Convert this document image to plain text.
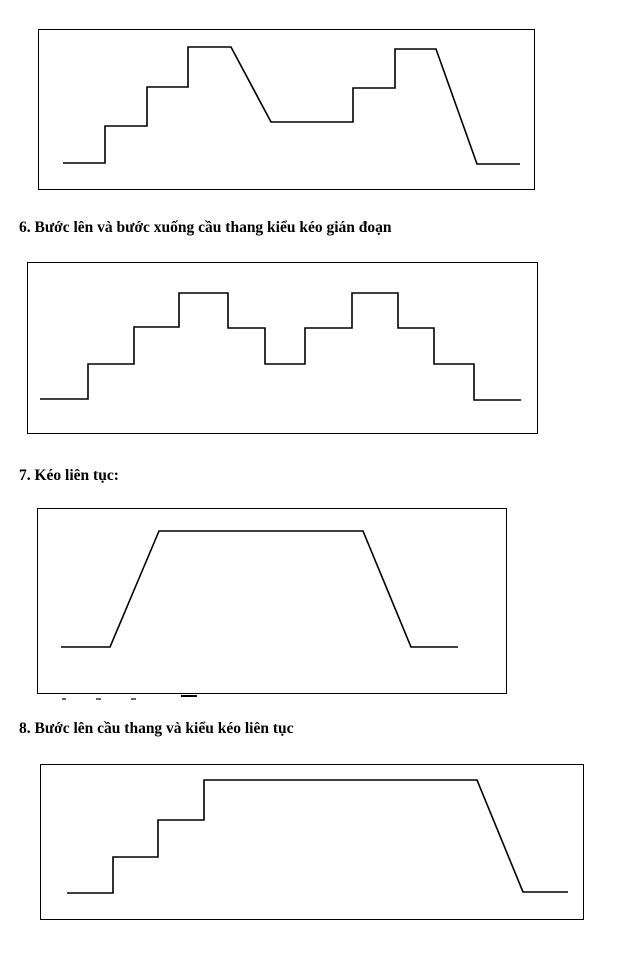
6. Bước lên và bước xuống cầu thang kiểu kéo gián đoạn
7. Kéo liên tục:
8. Bước lên cầu thang và kiểu kéo liên tục
